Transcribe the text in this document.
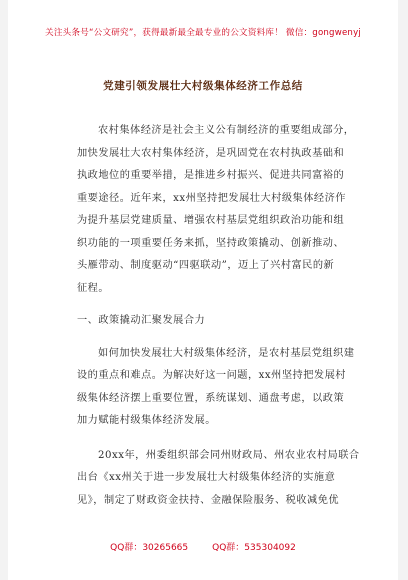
关注头条号“公文研究”，获得最新最全最专业的公文资料库！ 微信：gongwenyj
党建引领发展壮大村级集体经济工作总结
农村集体经济是社会主义公有制经济的重要组成部分，
加快发展壮大农村集体经济，是巩固党在农村执政基础和
执政地位的重要举措，是推进乡村振兴、促进共同富裕的
重要途径。近年来，xx州坚持把发展壮大村级集体经济作
为提升基层党建质量、增强农村基层党组织政治功能和组
织功能的一项重要任务来抓，坚持政策撬动、创新推动、
头雁带动、制度驱动“四驱联动”，迈上了兴村富民的新
征程。
一、政策撬动汇聚发展合力
如何加快发展壮大村级集体经济，是农村基层党组织建
设的重点和难点。为解决好这一问题，xx州坚持把发展村
级集体经济摆上重要位置，系统谋划、通盘考虑，以政策
加力赋能村级集体经济发展。
20xx年，州委组织部会同州财政局、州农业农村局联合
出台《xx州关于进一步发展壮大村级集体经济的实施意
见》，制定了财政资金扶持、金融保险服务、税收减免优
QQ群：30265665	QQ群：535304092
